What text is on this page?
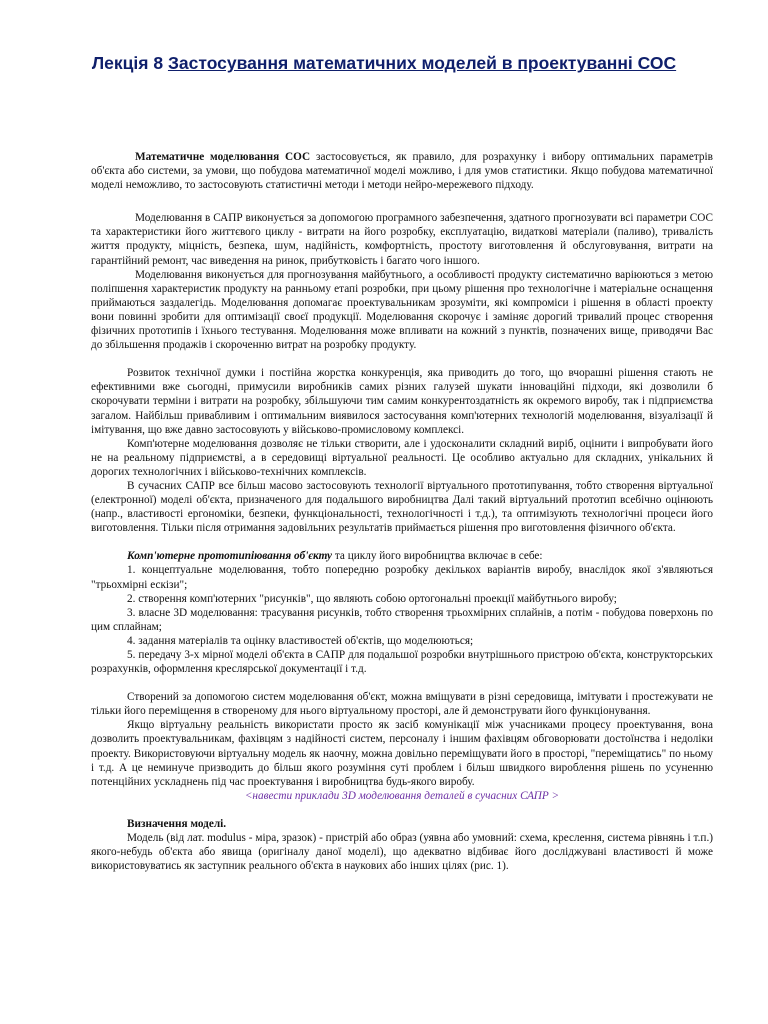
Лекція 8 Застосування математичних моделей в проектуванні СОС

Математичне моделювання СОС застосовується, як правило, для розрахунку і вибору оптимальних параметрів об'єкта або системи, за умови, що побудова математичної моделі можливо, і для умов статистики. Якщо побудова математичної моделі неможливо, то застосовують статистичні методи і методи нейро-мережевого підходу.

Моделювання в САПР виконується за допомогою програмного забезпечення, здатного прогнозувати всі параметри СОС та характеристики його життєвого циклу - витрати на його розробку, експлуатацію, видаткові матеріали (паливо), тривалість життя продукту, міцність, безпека, шум, надійність, комфортність, простоту виготовлення й обслуговування, витрати на гарантійний ремонт, час виведення на ринок, прибутковість і багато чого іншого.

Моделювання виконується для прогнозування майбутнього, а особливості продукту систематично варіюються з метою поліпшення характеристик продукту на ранньому етапі розробки, при цьому рішення про технологічне і матеріальне оснащення приймаються заздалегідь. Моделювання допомагає проектувальникам зрозуміти, які компроміси і рішення в області проекту вони повинні зробити для оптимізації своєї продукції. Моделювання скорочує і заміняє дорогий тривалий процес створення фізичних прототипів і їхнього тестування. Моделювання може впливати на кожний з пунктів, позначених вище, приводячи Вас до збільшення продажів і скороченню витрат на розробку продукту.

Розвиток технічної думки і постійна жорстка конкуренція, яка приводить до того, що вчорашні рішення стають не ефективними вже сьогодні, примусили виробників самих різних галузей шукати інноваційні підходи, які дозволили б скорочувати терміни і витрати на розробку, збільшуючи тим самим конкурентоздатність як окремого виробу, так і підприємства загалом. Найбільш привабливим і оптимальним виявилося застосування комп'ютерних технологій моделювання, візуалізації й імітування, що вже давно застосовують у військово-промисловому комплексі.

Комп'ютерне моделювання дозволяє не тільки створити, але і удосконалити складний виріб, оцінити і випробувати його не на реальному підприємстві, а в середовищі віртуальної реальності. Це особливо актуально для складних, унікальних й дорогих технологічних і військово-технічних комплексів.

В сучасних САПР все більш масово застосовують технології віртуального прототипування, тобто створення віртуальної (електронної) моделі об'єкта, призначеного для подальшого виробництва Далі такий віртуальний прототип всебічно оцінюють (напр., властивості ергономіки, безпеки, функціональності, технологічності і т.д.), та оптимізують технологічні процеси його виготовлення. Тільки після отримання задовільних результатів приймається рішення про виготовлення фізичного об'єкта.

Комп'ютерне прототипіювання об'єкту та циклу його виробництва включає в себе:

1. концептуальне моделювання, тобто попередню розробку декількох варіантів виробу, внаслідок якої з'являються "трьохмірні ескізи";

2. створення комп'ютерних "рисунків", що являють собою ортогональні проекції майбутнього виробу;

3. власне 3D моделювання: трасування рисунків, тобто створення трьохмірних сплайнів, а потім - побудова поверхонь по цим сплайнам;

4. задання матеріалів та оцінку властивостей об'єктів, що моделюються;

5. передачу 3-х мірної моделі об'єкта в САПР для подальшої розробки внутрішнього пристрою об'єкта, конструкторських розрахунків, оформлення креслярської документації і т.д.

Створений за допомогою систем моделювання об'єкт, можна вміщувати в різні середовища, імітувати і простежувати не тільки його переміщення в створеному для нього віртуальному просторі, але й демонструвати його функціонування.

Якщо віртуальну реальність використати просто як засіб комунікації між учасниками процесу проектування, вона дозволить проектувальникам, фахівцям з надійності систем, персоналу і іншим фахівцям обговорювати достоїнства і недоліки проекту. Використовуючи віртуальну модель як наочну, можна довільно переміщувати його в просторі, "переміщатись" по ньому і т.д. А це неминуче призводить до більш якого розуміння суті проблем і більш швидкого вироблення рішень по усуненню потенційних ускладнень під час проектування і виробництва будь-якого виробу.

<навести приклади 3D моделювання деталей в сучасних САПР >

Визначення моделі.

Модель (від лат. modulus - міра, зразок) - пристрій або образ (уявна або умовний: схема, креслення, система рівнянь і т.п.) якого-небудь об'єкта або явища (оригіналу даної моделі), що адекватно відбиває його досліджувані властивості й може використовуватись як заступник реального об'єкта в наукових або інших цілях (рис. 1).
